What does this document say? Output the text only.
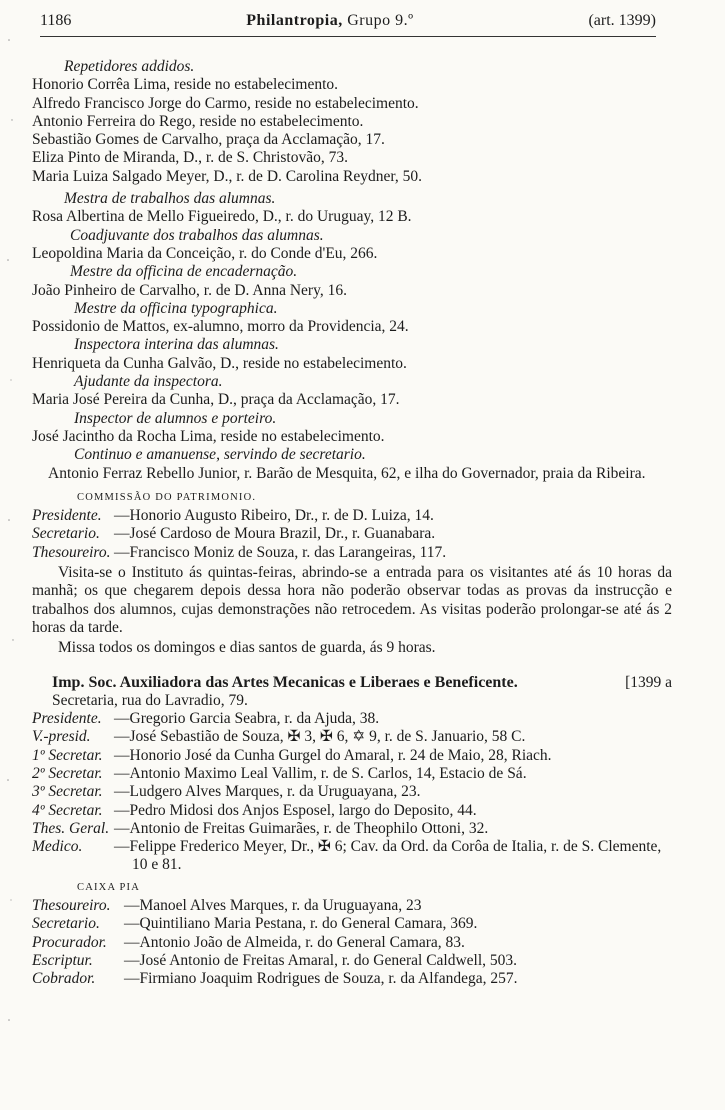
1186	Philantropia, Grupo 9.º	(art. 1399)
Repetidores addidos.
Honorio Corrêa Lima, reside no estabelecimento.
Alfredo Francisco Jorge do Carmo, reside no estabelecimento.
Antonio Ferreira do Rego, reside no estabelecimento.
Sebastião Gomes de Carvalho, praça da Acclamação, 17.
Eliza Pinto de Miranda, D., r. de S. Christovão, 73.
Maria Luiza Salgado Meyer, D., r. de D. Carolina Reydner, 50.
Mestra de trabalhos das alumnas.
Rosa Albertina de Mello Figueiredo, D., r. do Uruguay, 12 B.
Coadjuvante dos trabalhos das alumnas.
Leopoldina Maria da Conceição, r. do Conde d'Eu, 266.
Mestre da officina de encadernação.
João Pinheiro de Carvalho, r. de D. Anna Nery, 16.
Mestre da officina typographica.
Possidonio de Mattos, ex-alumno, morro da Providencia, 24.
Inspectora interina das alumnas.
Henriqueta da Cunha Galvão, D., reside no estabelecimento.
Ajudante da inspectora.
Maria José Pereira da Cunha, D., praça da Acclamação, 17.
Inspector de alumnos e porteiro.
José Jacintho da Rocha Lima, reside no estabelecimento.
Continuo e amanuense, servindo de secretario.
Antonio Ferraz Rebello Junior, r. Barão de Mesquita, 62, e ilha do Governador, praia da Ribeira.
COMMISSÃO DO PATRIMONIO.
Presidente. —Honorio Augusto Ribeiro, Dr., r. de D. Luiza, 14.
Secretario. —José Cardoso de Moura Brazil, Dr., r. Guanabara.
Thesoureiro. —Francisco Moniz de Souza, r. das Larangeiras, 117.
Visita-se o Instituto ás quintas-feiras, abrindo-se a entrada para os visitantes até ás 10 horas da manhã; os que chegarem depois dessa hora não poderão observar todas as provas da instrucção e trabalhos dos alumnos, cujas demonstrações não retrocedem. As visitas poderão prolongar-se até ás 2 horas da tarde.
Missa todos os domingos e dias santos de guarda, ás 9 horas.
Imp. Soc. Auxiliadora das Artes Mecanicas e Liberaes e Beneficente.	[1399 a
Secretaria, rua do Lavradio, 79.
Presidente. —Gregorio Garcia Seabra, r. da Ajuda, 38.
V.-presid. —José Sebastião de Souza, ✠ 3, ✠ 6, ✡ 9, r. de S. Januario, 58 C.
1º Secretar. —Honorio José da Cunha Gurgel do Amaral, r. 24 de Maio, 28, Riach.
2º Secretar. —Antonio Maximo Leal Vallim, r. de S. Carlos, 14, Estacio de Sá.
3º Secretar. —Ludgero Alves Marques, r. da Uruguayana, 23.
4º Secretar. —Pedro Midosi dos Anjos Esposel, largo do Deposito, 44.
Thes. Geral. —Antonio de Freitas Guimarães, r. de Theophilo Ottoni, 32.
Medico. —Felippe Frederico Meyer, Dr., ✠ 6; Cav. da Ord. da Corôa de Italia, r. de S. Clemente, 10 e 81.
CAIXA PIA
Thesoureiro. —Manoel Alves Marques, r. da Uruguayana, 23
Secretario. —Quintiliano Maria Pestana, r. do General Camara, 369.
Procurador. —Antonio João de Almeida, r. do General Camara, 83.
Escriptur. —José Antonio de Freitas Amaral, r. do General Caldwell, 503.
Cobrador. —Firmiano Joaquim Rodrigues de Souza, r. da Alfandega, 257.
